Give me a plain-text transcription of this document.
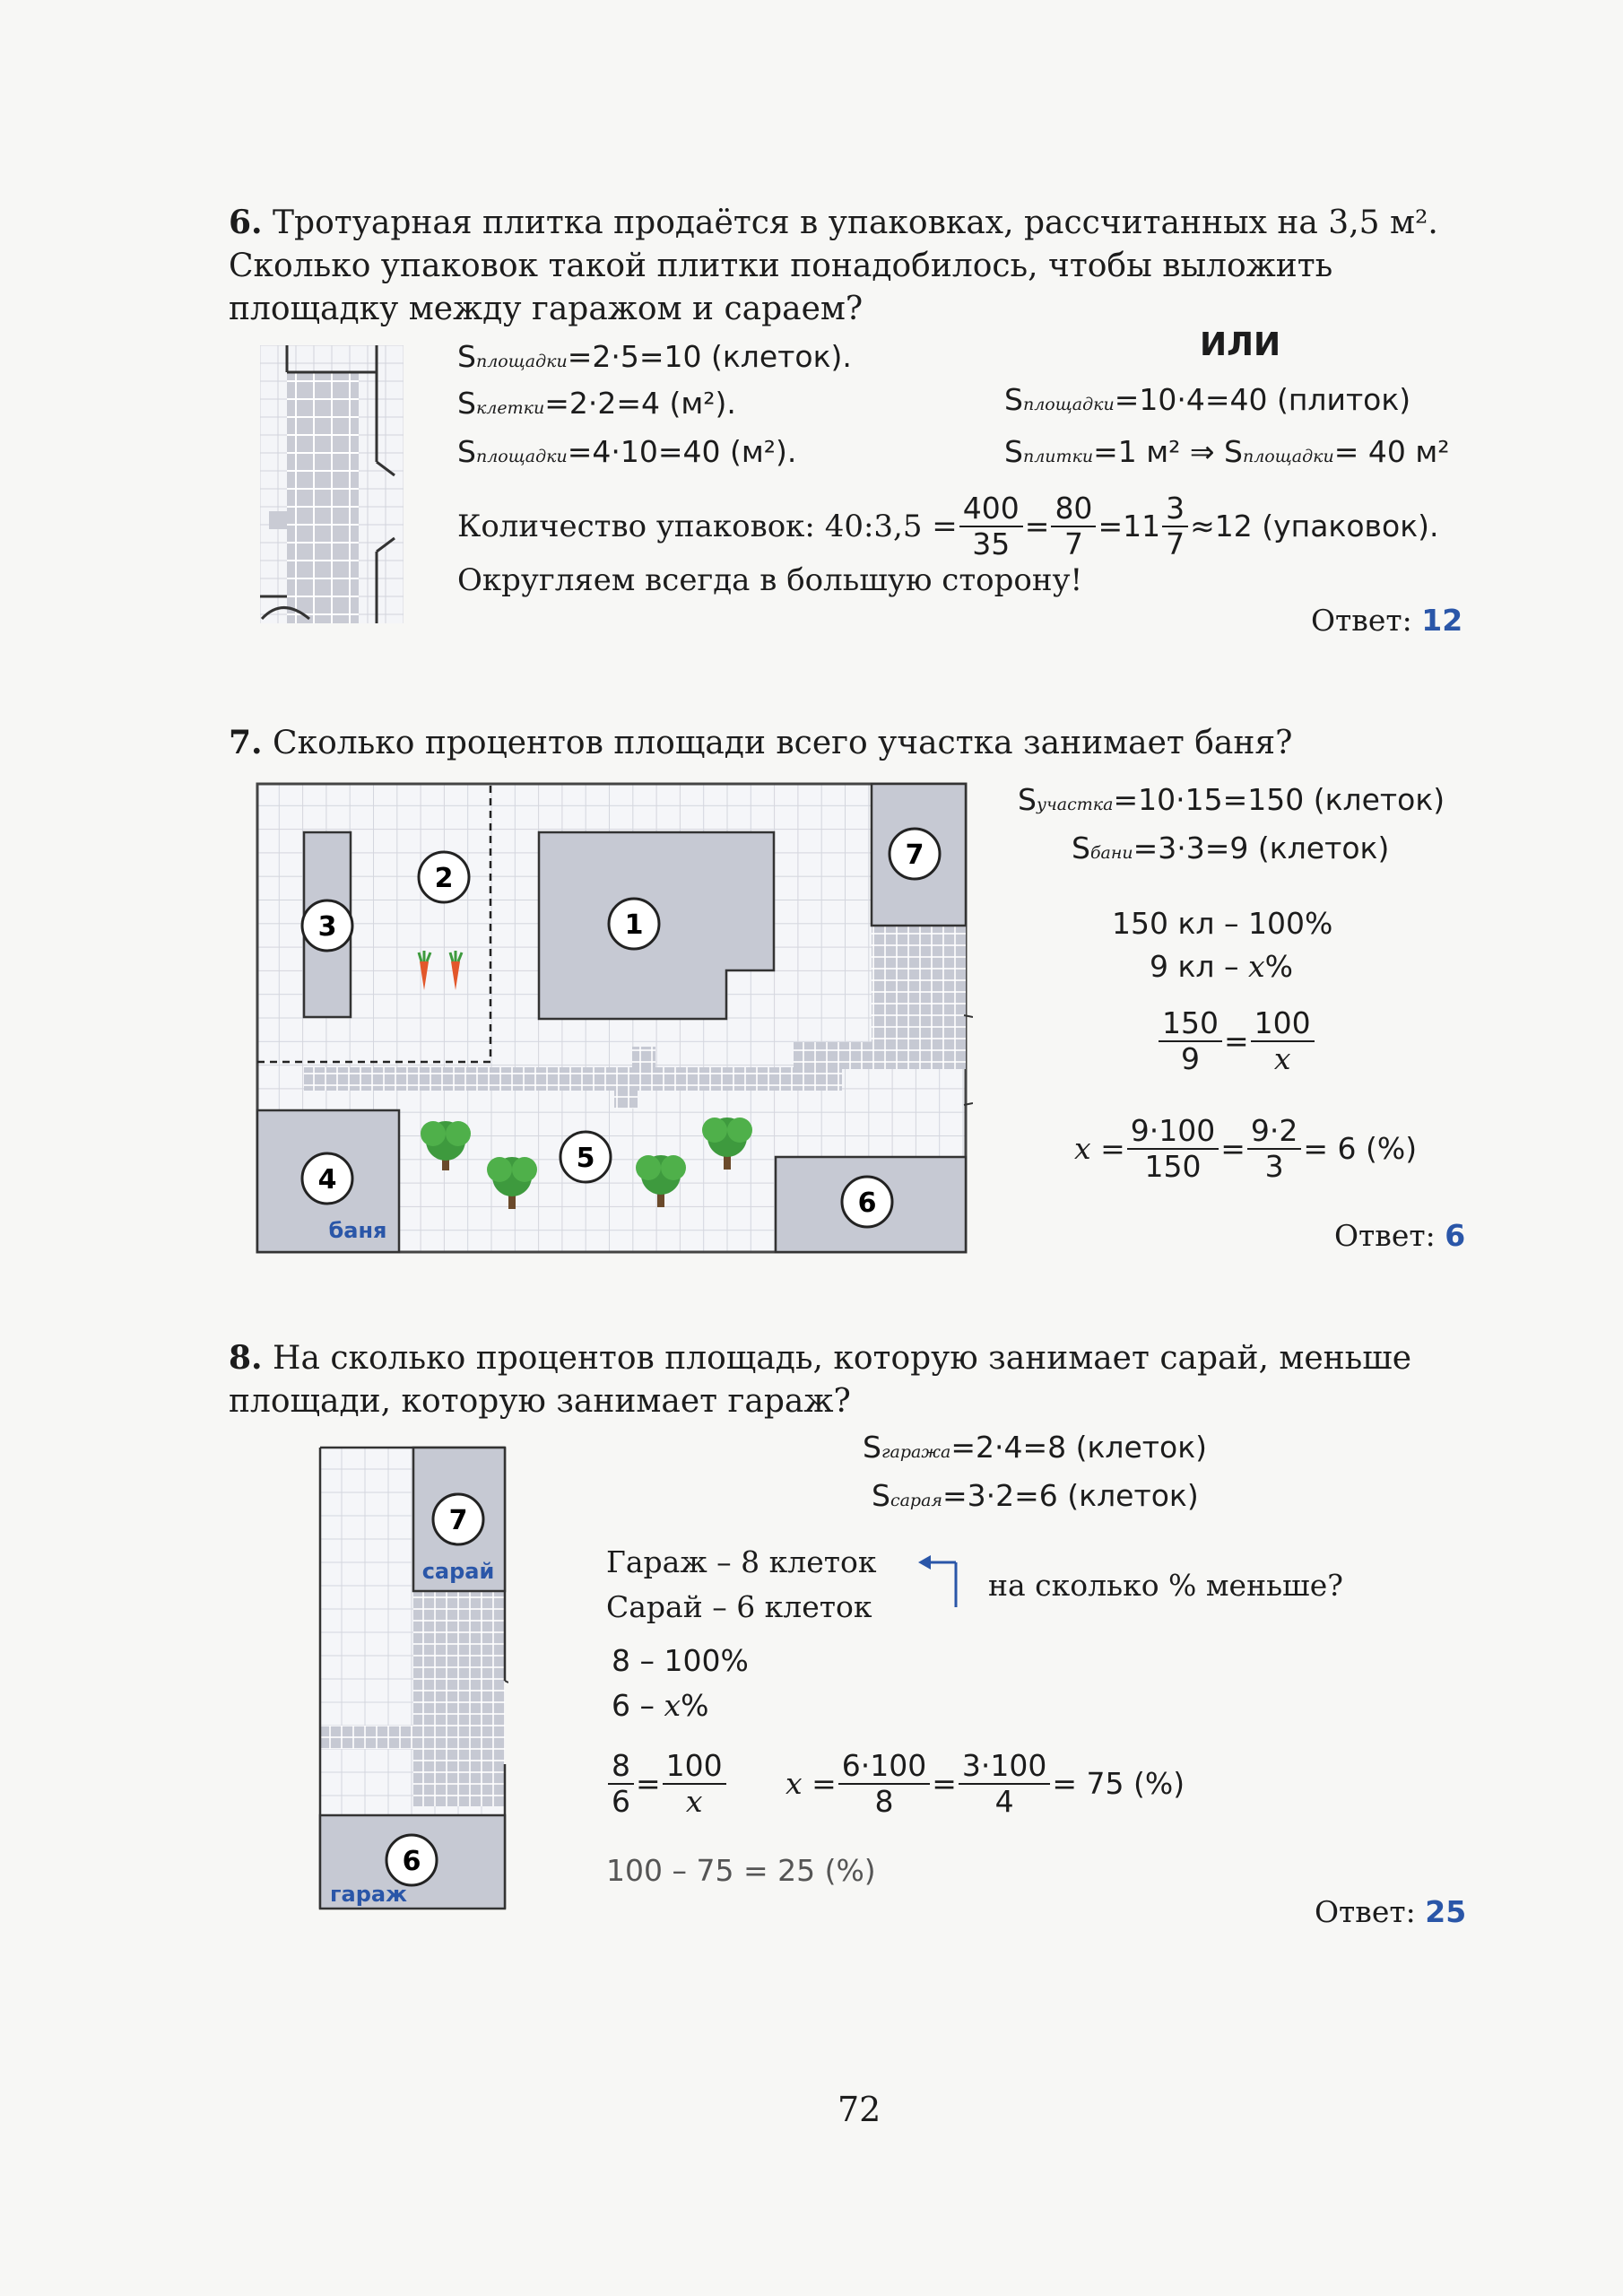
6. Тротуарная плитка продаётся в упаковках, рассчитанных на 3,5 м². Сколько упаковок такой плитки понадобилось, чтобы выложить площадку между гаражом и сараем?
Sплощадки=2·5=10 (клеток).
Sклетки=2·2=4 (м²).
Sплощадки=4·10=40 (м²).
ИЛИ
Sплощадки=10·4=40 (плиток)
Sплитки=1 м² ⇒ Sплощадки= 40 м²
Количество упаковок: 40:3,5 = $\frac{400}{35} = \frac{80}{7} = 11 \frac{3}{7} \approx 12$ (упаковок).
Округляем всегда в большую сторону!
Ответ: 12
7. Сколько процентов площади всего участка занимает баня?
2
3	1
7
4
5
6
баня
Sучастка=10·15=150 (клеток)
Sбани=3·3=9 (клеток)
150 кл – 100%
9 кл – x%
$\frac{150}{9} = \frac{100}{x}$
$x = \frac{9\cdot 100}{150} = \frac{9\cdot 2}{3} = 6$ (%)
Ответ: 6
8. На сколько процентов площадь, которую занимает сарай, меньше площади, которую занимает гараж?
7
сарай
6
гараж
Sгаража=2·4=8 (клеток)
Sсарая=3·2=6 (клеток)
Гараж – 8 клеток
Сарай – 6 клеток
на сколько % меньше?
8 – 100%
6 – x%
$\frac{8}{6} = \frac{100}{x}$ $x = \frac{6\cdot 100}{8} = \frac{3\cdot 100}{4} = 75$ (%)
100 – 75 = 25 (%)
Ответ: 25
72
